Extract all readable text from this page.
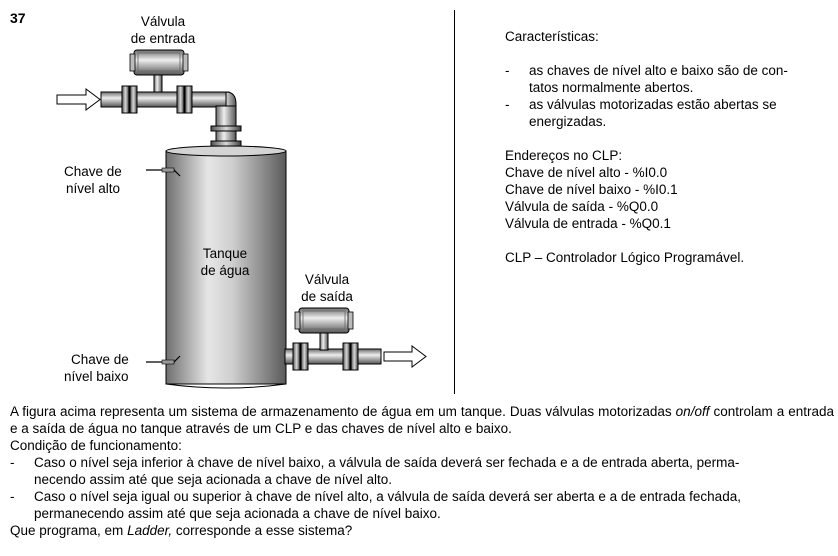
37	Válvula
de entrada
Válvula
de saída
Chave de
nível alto
Chave de
nível baixo
Tanque
de água

Características:

- as chaves de nível alto e baixo são de con-
tatos normalmente abertos.
- as válvulas motorizadas estão abertas se
energizadas.

Endereços no CLP:

Chave de nível alto - %I0.0

Chave de nível baixo - %I0.1

Válvula de saída - %Q0.0

Válvula de entrada - %Q0.1

CLP – Controlador Lógico Programável.

A figura acima representa um sistema de armazenamento de água em um tanque. Duas válvulas motorizadas on/off controlam a entrada e a saída de água no tanque através de um CLP e das chaves de nível alto e baixo.

Condição de funcionamento:

- Caso o nível seja inferior à chave de nível baixo, a válvula de saída deverá ser fechada e a de entrada aberta, perma-
necendo assim até que seja acionada a chave de nível alto.
- Caso o nível seja igual ou superior à chave de nível alto, a válvula de saída deverá ser aberta e a de entrada fechada,
permanecendo assim até que seja acionada a chave de nível baixo.

Que programa, em Ladder, corresponde a esse sistema?
